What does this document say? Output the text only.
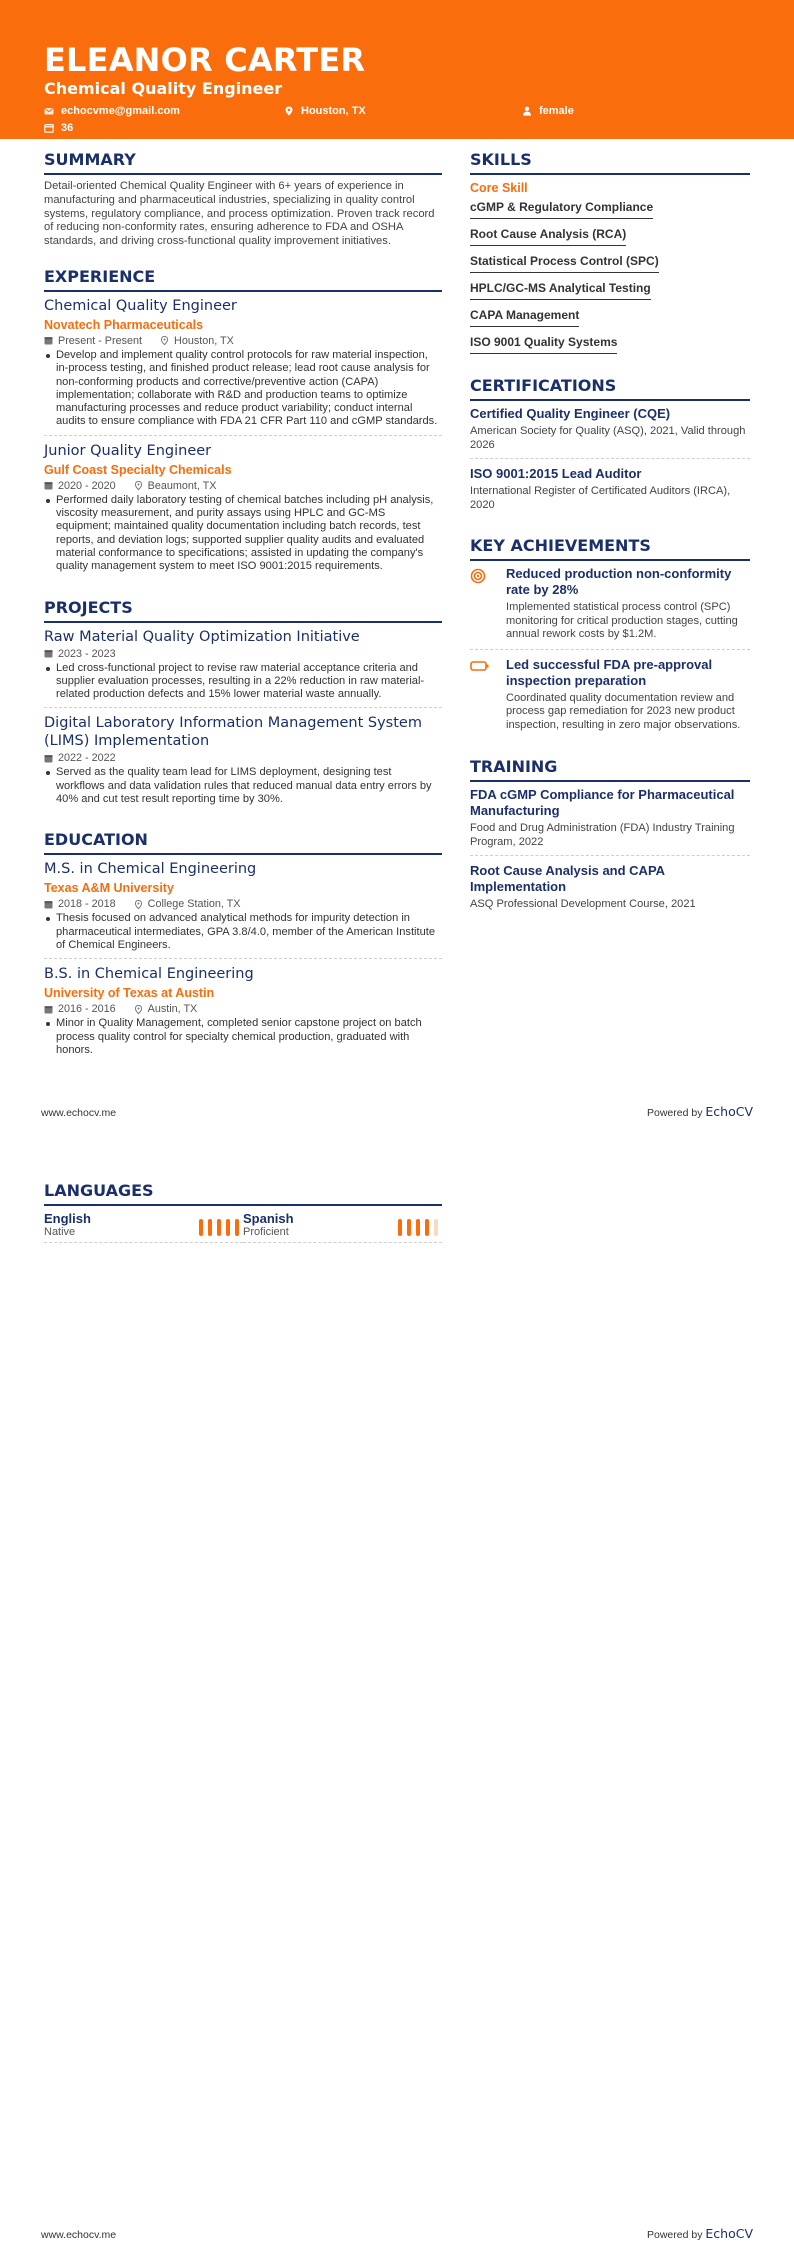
ELEANOR CARTER
Chemical Quality Engineer
echocvme@gmail.com	Houston, TX	female
36
SUMMARY
Detail-oriented Chemical Quality Engineer with 6+ years of experience in manufacturing and pharmaceutical industries, specializing in quality control systems, regulatory compliance, and process optimization. Proven track record of reducing non-conformity rates, ensuring adherence to FDA and OSHA standards, and driving cross-functional quality improvement initiatives.
EXPERIENCE
Chemical Quality Engineer
Novatech Pharmaceuticals
Present - Present	Houston, TX
Develop and implement quality control protocols for raw material inspection, in-process testing, and finished product release; lead root cause analysis for non-conforming products and corrective/preventive action (CAPA) implementation; collaborate with R&D and production teams to optimize manufacturing processes and reduce product variability; conduct internal audits to ensure compliance with FDA 21 CFR Part 110 and cGMP standards.
Junior Quality Engineer
Gulf Coast Specialty Chemicals
2020 - 2020	Beaumont, TX
Performed daily laboratory testing of chemical batches including pH analysis, viscosity measurement, and purity assays using HPLC and GC-MS equipment; maintained quality documentation including batch records, test reports, and deviation logs; supported supplier quality audits and evaluated material conformance to specifications; assisted in updating the company's quality management system to meet ISO 9001:2015 requirements.
PROJECTS
Raw Material Quality Optimization Initiative
2023 - 2023
Led cross-functional project to revise raw material acceptance criteria and supplier evaluation processes, resulting in a 22% reduction in raw material-related production defects and 15% lower material waste annually.
Digital Laboratory Information Management System (LIMS) Implementation
2022 - 2022
Served as the quality team lead for LIMS deployment, designing test workflows and data validation rules that reduced manual data entry errors by 40% and cut test result reporting time by 30%.
EDUCATION
M.S. in Chemical Engineering
Texas A&M University
2018 - 2018	College Station, TX
Thesis focused on advanced analytical methods for impurity detection in pharmaceutical intermediates, GPA 3.8/4.0, member of the American Institute of Chemical Engineers.
B.S. in Chemical Engineering
University of Texas at Austin
2016 - 2016	Austin, TX
Minor in Quality Management, completed senior capstone project on batch process quality control for specialty chemical production, graduated with honors.
SKILLS
Core Skill
cGMP & Regulatory Compliance
Root Cause Analysis (RCA)
Statistical Process Control (SPC)
HPLC/GC-MS Analytical Testing
CAPA Management
ISO 9001 Quality Systems
CERTIFICATIONS
Certified Quality Engineer (CQE)
American Society for Quality (ASQ), 2021, Valid through 2026
ISO 9001:2015 Lead Auditor
International Register of Certificated Auditors (IRCA), 2020
KEY ACHIEVEMENTS
Reduced production non-conformity rate by 28%
Implemented statistical process control (SPC) monitoring for critical production stages, cutting annual rework costs by $1.2M.
Led successful FDA pre-approval inspection preparation
Coordinated quality documentation review and process gap remediation for 2023 new product inspection, resulting in zero major observations.
TRAINING
FDA cGMP Compliance for Pharmaceutical Manufacturing
Food and Drug Administration (FDA) Industry Training Program, 2022
Root Cause Analysis and CAPA Implementation
ASQ Professional Development Course, 2021
www.echocv.me	Powered by EchoCV
LANGUAGES
English
Native
Spanish
Proficient
www.echocv.me	Powered by EchoCV
